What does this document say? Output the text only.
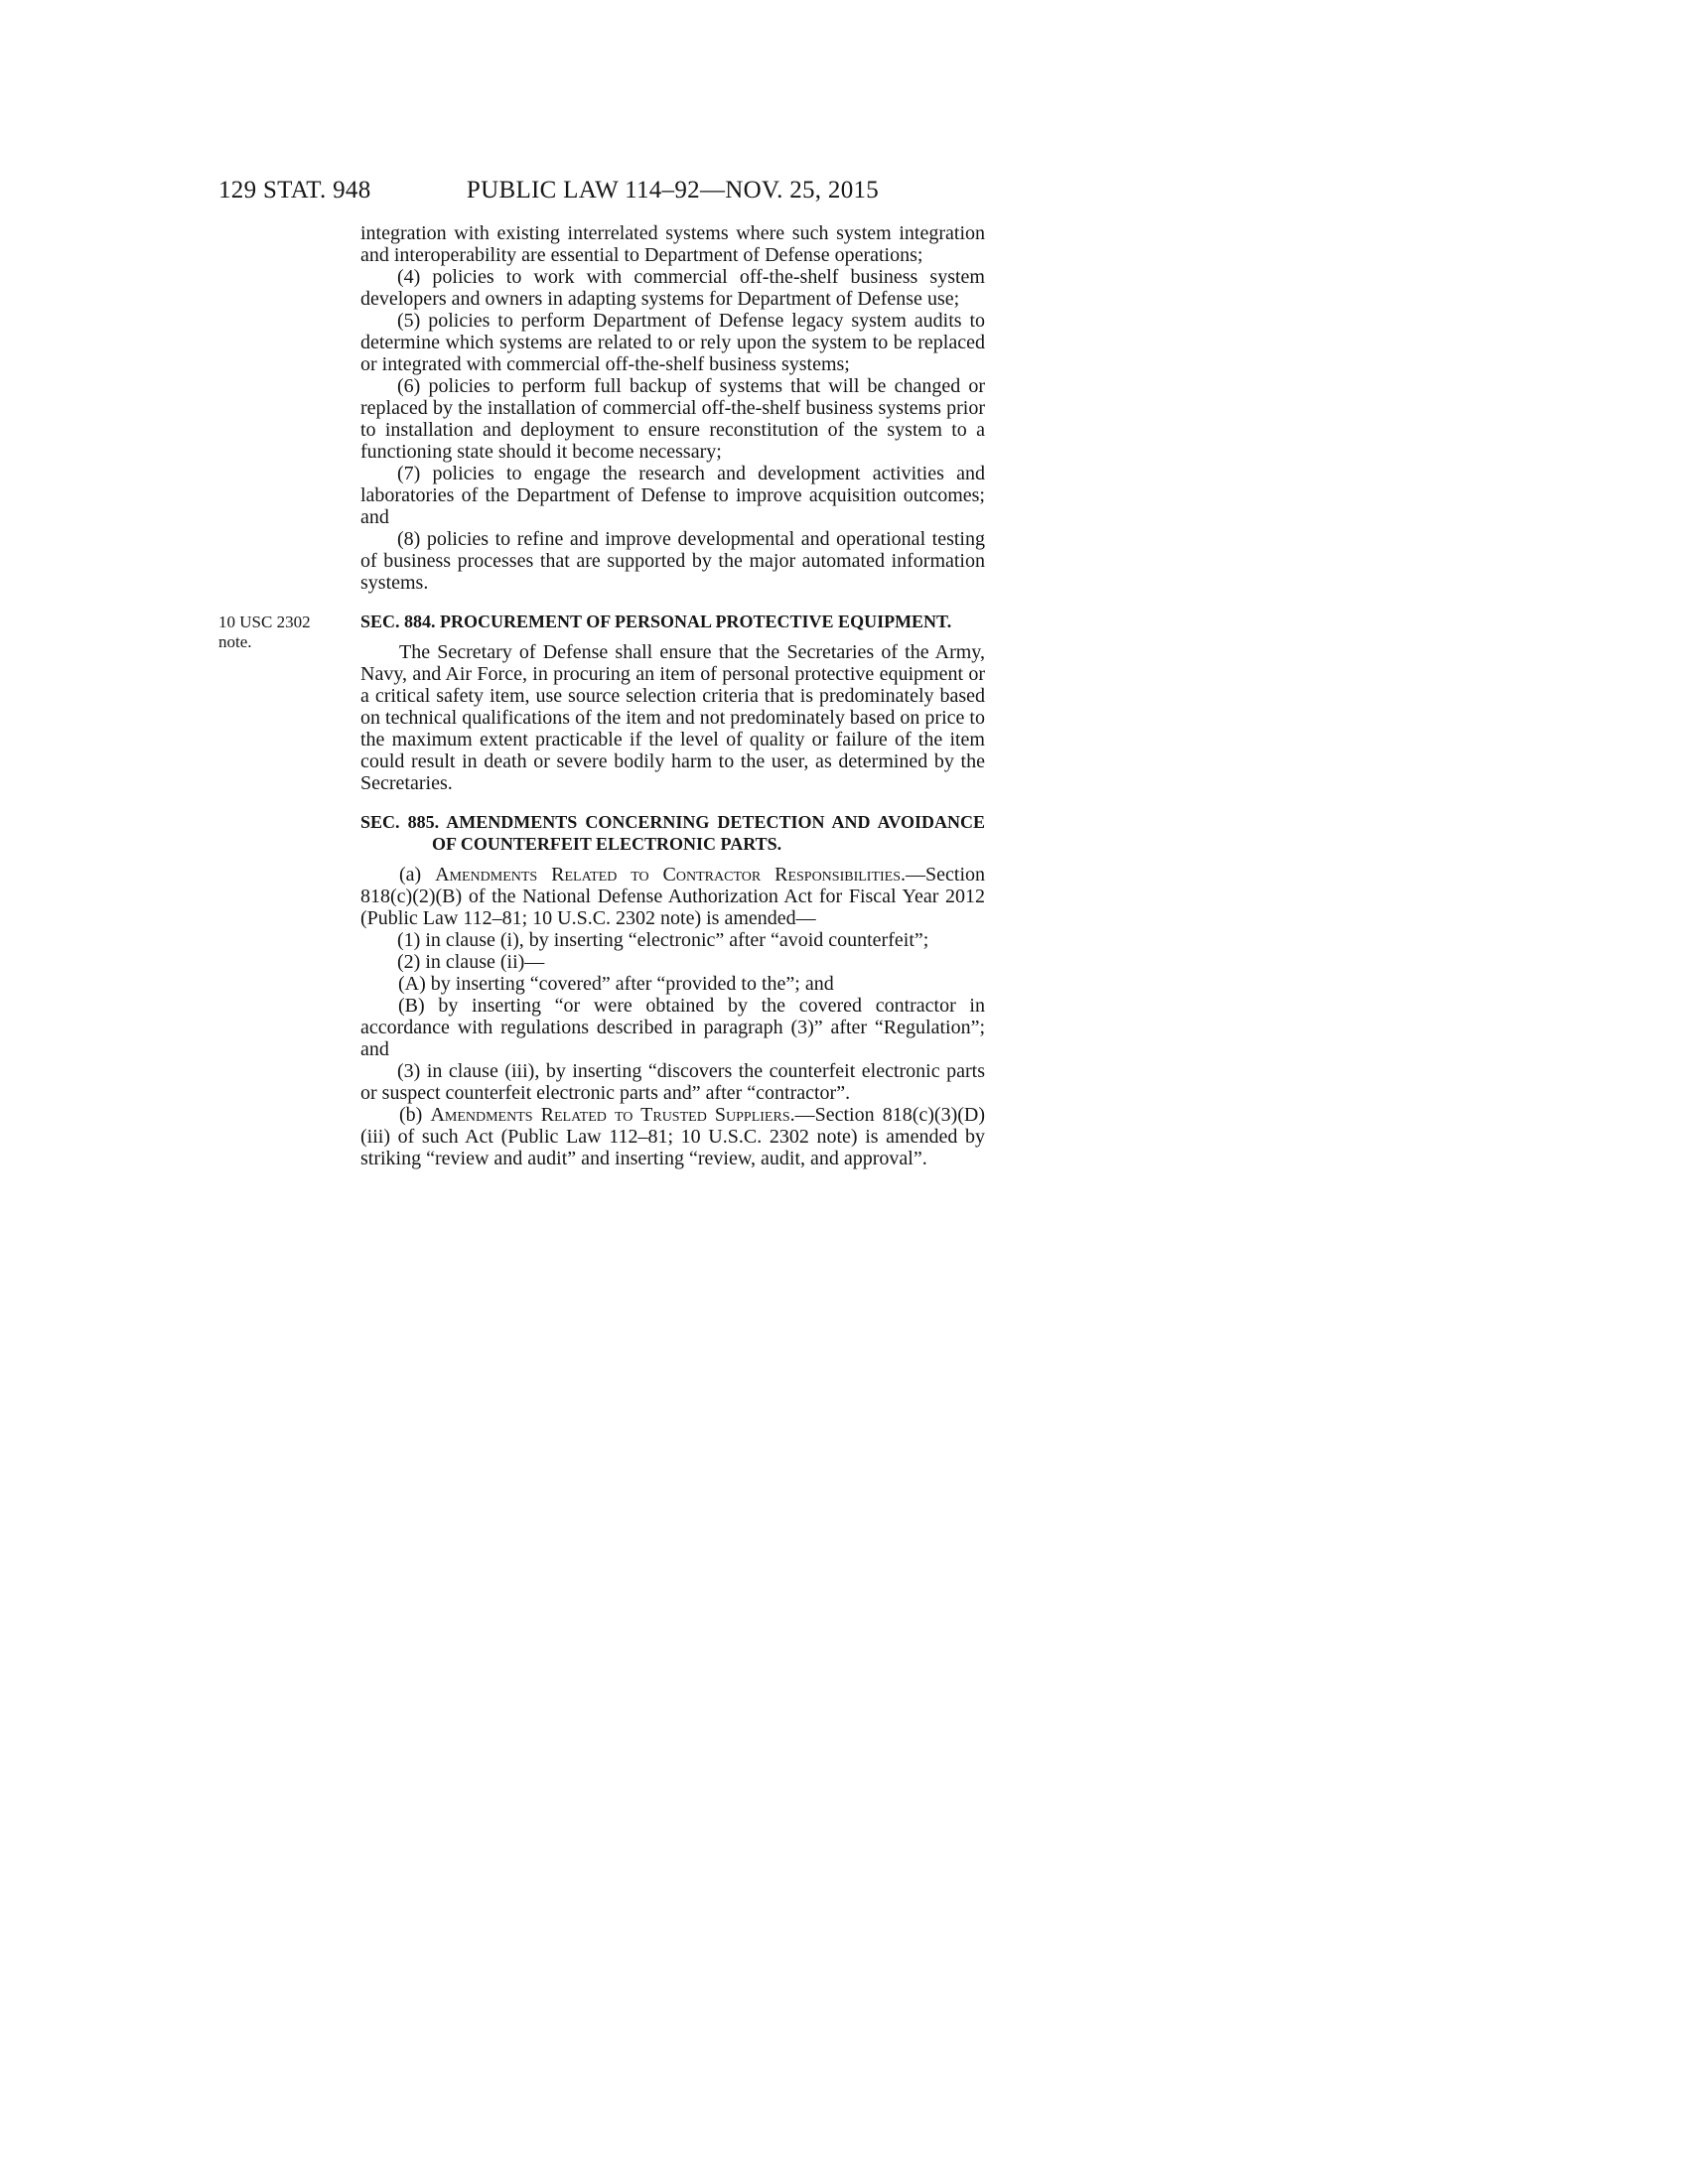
129 STAT. 948	PUBLIC LAW 114–92—NOV. 25, 2015

integration with existing interrelated systems where such system integration and interoperability are essential to Department of Defense operations;

(4) policies to work with commercial off-the-shelf business system developers and owners in adapting systems for Department of Defense use;

(5) policies to perform Department of Defense legacy system audits to determine which systems are related to or rely upon the system to be replaced or integrated with commercial off-the-shelf business systems;

(6) policies to perform full backup of systems that will be changed or replaced by the installation of commercial off-the-shelf business systems prior to installation and deployment to ensure reconstitution of the system to a functioning state should it become necessary;

(7) policies to engage the research and development activities and laboratories of the Department of Defense to improve acquisition outcomes; and

(8) policies to refine and improve developmental and operational testing of business processes that are supported by the major automated information systems.

10 USC 2302
note.
SEC. 884. PROCUREMENT OF PERSONAL PROTECTIVE EQUIPMENT.

The Secretary of Defense shall ensure that the Secretaries of the Army, Navy, and Air Force, in procuring an item of personal protective equipment or a critical safety item, use source selection criteria that is predominately based on technical qualifications of the item and not predominately based on price to the maximum extent practicable if the level of quality or failure of the item could result in death or severe bodily harm to the user, as determined by the Secretaries.

SEC. 885. AMENDMENTS CONCERNING DETECTION AND AVOIDANCE OF COUNTERFEIT ELECTRONIC PARTS.

(a) Amendments Related to Contractor Responsibilities.—Section 818(c)(2)(B) of the National Defense Authorization Act for Fiscal Year 2012 (Public Law 112–81; 10 U.S.C. 2302 note) is amended—

(1) in clause (i), by inserting “electronic” after “avoid counterfeit”;

(2) in clause (ii)—

(A) by inserting “covered” after “provided to the”; and

(B) by inserting “or were obtained by the covered contractor in accordance with regulations described in paragraph (3)” after “Regulation”; and

(3) in clause (iii), by inserting “discovers the counterfeit electronic parts or suspect counterfeit electronic parts and” after “contractor”.

(b) Amendments Related to Trusted Suppliers.—Section 818(c)(3)(D)(iii) of such Act (Public Law 112–81; 10 U.S.C. 2302 note) is amended by striking “review and audit” and inserting “review, audit, and approval”.
